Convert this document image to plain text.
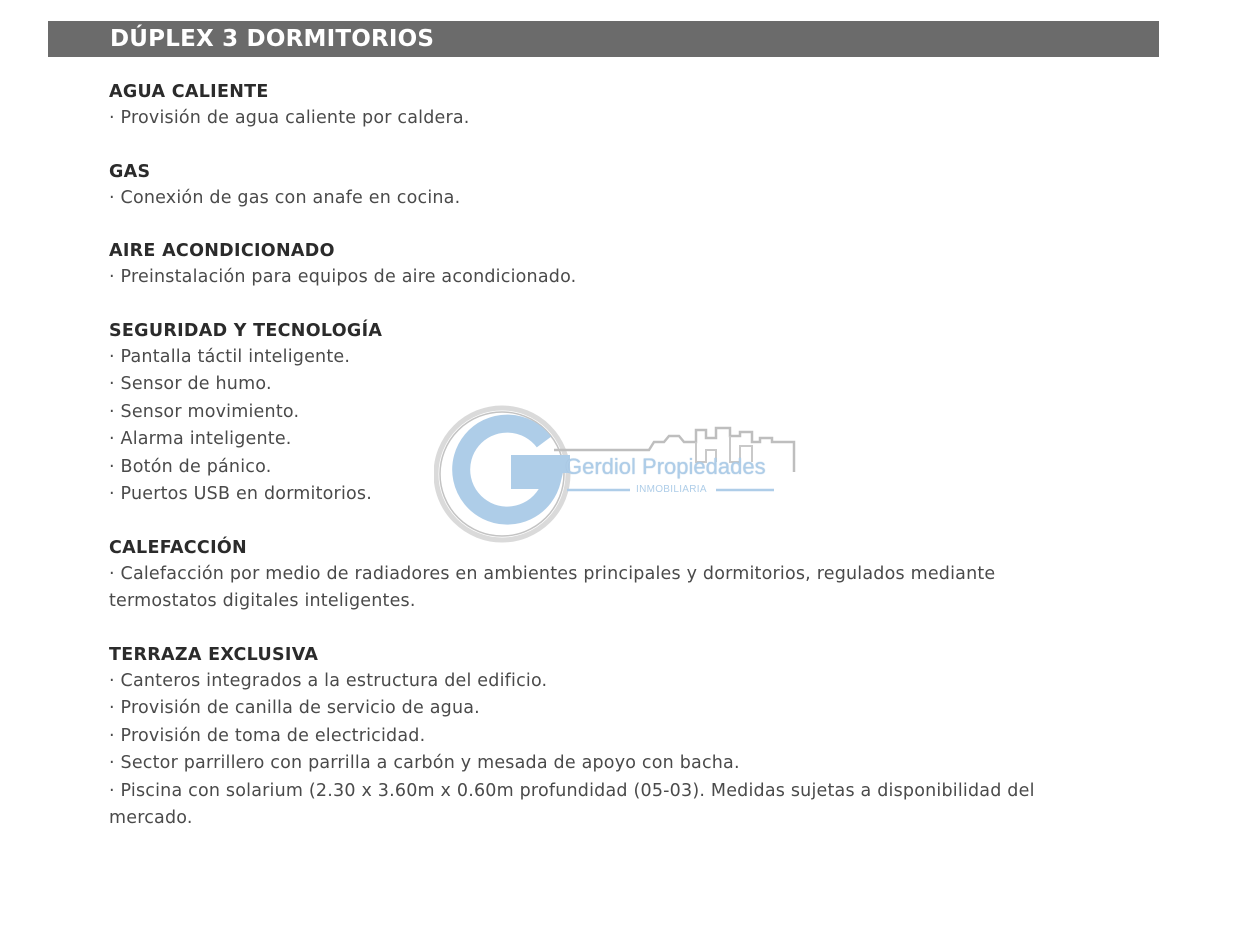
DÚPLEX 3 DORMITORIOS
AGUA CALIENTE
· Provisión de agua caliente por caldera.
GAS
· Conexión de gas con anafe en cocina.
AIRE ACONDICIONADO
· Preinstalación para equipos de aire acondicionado.
SEGURIDAD Y TECNOLOGÍA
· Pantalla táctil inteligente.
· Sensor de humo.
· Sensor movimiento.
· Alarma inteligente.
· Botón de pánico.
· Puertos USB en dormitorios.
CALEFACCIÓN
· Calefacción por medio de radiadores en ambientes principales y dormitorios, regulados mediante termostatos digitales inteligentes.
TERRAZA EXCLUSIVA
· Canteros integrados a la estructura del edificio.
· Provisión de canilla de servicio de agua.
· Provisión de toma de electricidad.
· Sector parrillero con parrilla a carbón y mesada de apoyo con bacha.
· Piscina con solarium (2.30 x 3.60m x 0.60m profundidad (05-03). Medidas sujetas a disponibilidad del mercado.
Gerdiol Propiedades
INMOBILIARIA
